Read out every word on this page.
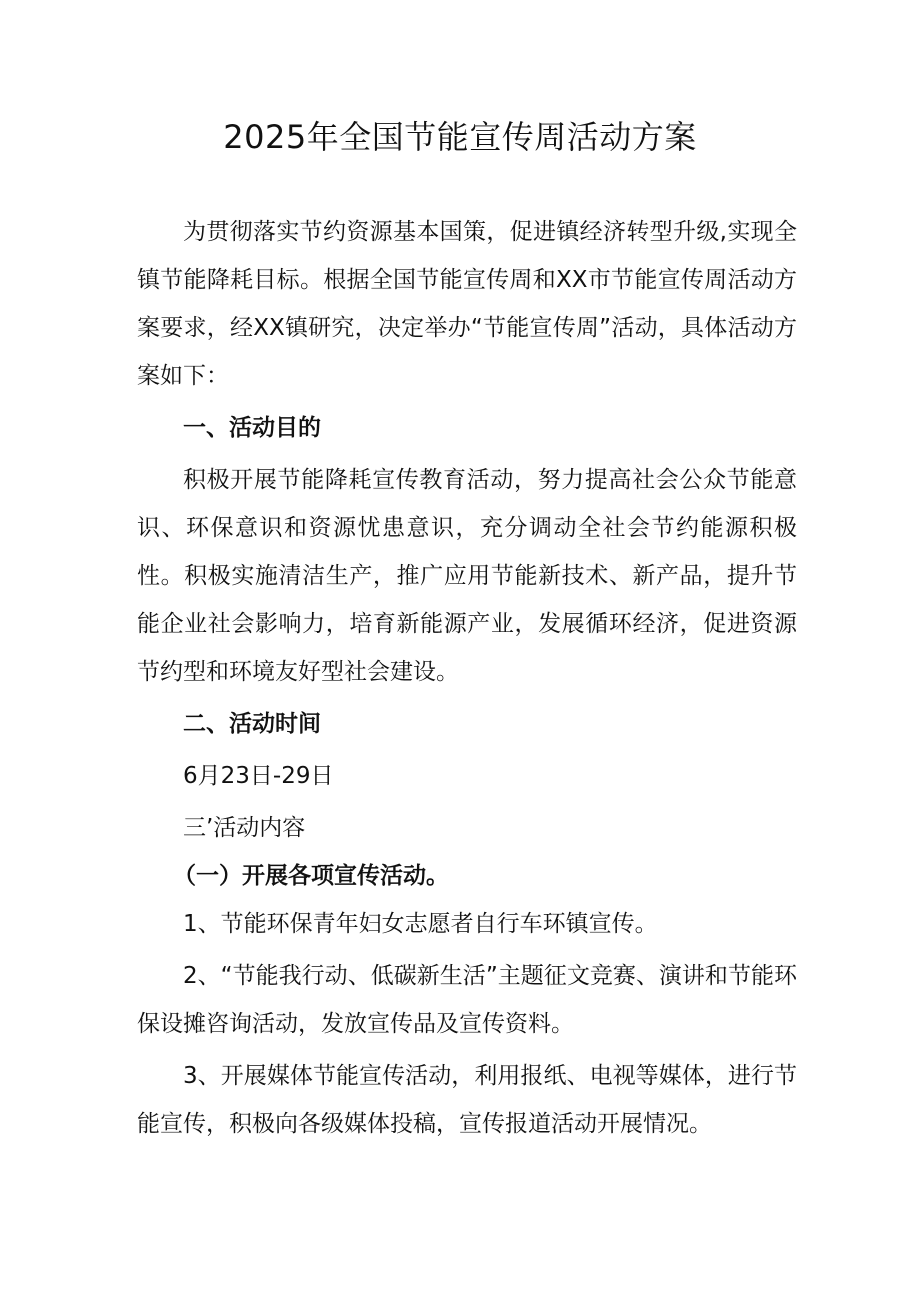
2025年全国节能宣传周活动方案

为贯彻落实节约资源基本国策，促进镇经济转型升级,实现全镇节能降耗目标。根据全国节能宣传周和XX市节能宣传周活动方案要求，经XX镇研究，决定举办“节能宣传周”活动，具体活动方案如下：

一、活动目的

积极开展节能降耗宣传教育活动，努力提高社会公众节能意识、环保意识和资源忧患意识，充分调动全社会节约能源积极性。积极实施清洁生产，推广应用节能新技术、新产品，提升节能企业社会影响力，培育新能源产业，发展循环经济，促进资源节约型和环境友好型社会建设。

二、活动时间

6月23日-29日

三’活动内容

（一）开展各项宣传活动。

1、节能环保青年妇女志愿者自行车环镇宣传。

2、“节能我行动、低碳新生活”主题征文竞赛、演讲和节能环保设摊咨询活动，发放宣传品及宣传资料。

3、开展媒体节能宣传活动，利用报纸、电视等媒体，进行节能宣传，积极向各级媒体投稿，宣传报道活动开展情况。
